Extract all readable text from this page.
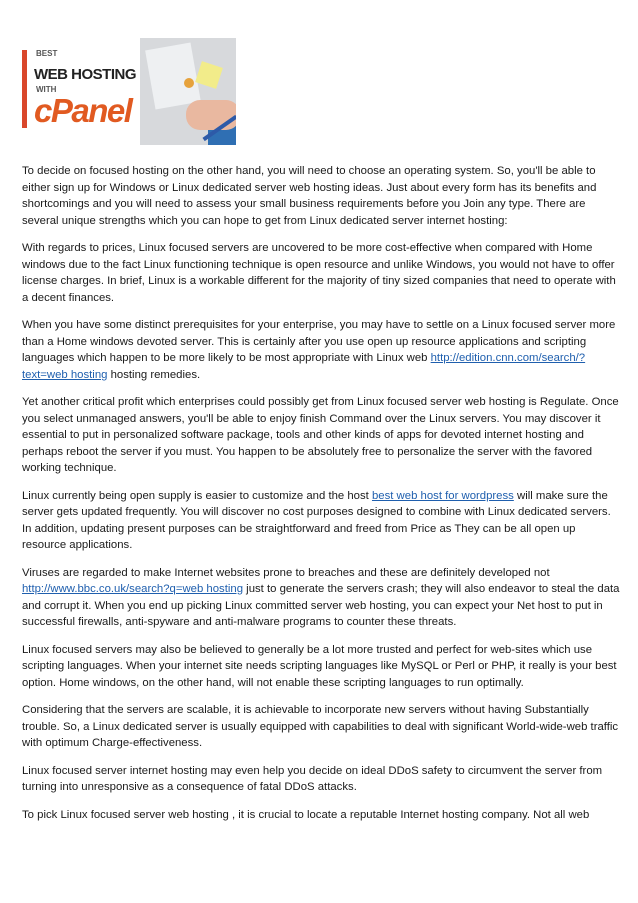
BEST
WEB HOSTING
WITH
cPanel

To decide on focused hosting on the other hand, you will need to choose an operating system. So, you'll be able to either sign up for Windows or Linux dedicated server web hosting ideas. Just about every form has its benefits and shortcomings and you will need to assess your small business requirements before you Join any type. There are several unique strengths which you can hope to get from Linux dedicated server internet hosting:

With regards to prices, Linux focused servers are uncovered to be more cost-effective when compared with Home windows due to the fact Linux functioning technique is open resource and unlike Windows, you would not have to offer license charges. In brief, Linux is a workable different for the majority of tiny sized companies that need to operate with a decent finances.

When you have some distinct prerequisites for your enterprise, you may have to settle on a Linux focused server more than a Home windows devoted server. This is certainly after you use open up resource applications and scripting languages which happen to be more likely to be most appropriate with Linux web http://edition.cnn.com/search/?text=web hosting hosting remedies.

Yet another critical profit which enterprises could possibly get from Linux focused server web hosting is Regulate. Once you select unmanaged answers, you'll be able to enjoy finish Command over the Linux servers. You may discover it essential to put in personalized software package, tools and other kinds of apps for devoted internet hosting and perhaps reboot the server if you must. You happen to be absolutely free to personalize the server with the favored working technique.

Linux currently being open supply is easier to customize and the host best web host for wordpress will make sure the server gets updated frequently. You will discover no cost purposes designed to combine with Linux dedicated servers. In addition, updating present purposes can be straightforward and freed from Price as They can be all open up resource applications.

Viruses are regarded to make Internet websites prone to breaches and these are definitely developed not http://www.bbc.co.uk/search?q=web hosting just to generate the servers crash; they will also endeavor to steal the data and corrupt it. When you end up picking Linux committed server web hosting, you can expect your Net host to put in successful firewalls, anti-spyware and anti-malware programs to counter these threats.

Linux focused servers may also be believed to generally be a lot more trusted and perfect for web-sites which use scripting languages. When your internet site needs scripting languages like MySQL or Perl or PHP, it really is your best option. Home windows, on the other hand, will not enable these scripting languages to run optimally.

Considering that the servers are scalable, it is achievable to incorporate new servers without having Substantially trouble. So, a Linux dedicated server is usually equipped with capabilities to deal with significant World-wide-web traffic with optimum Charge-effectiveness.

Linux focused server internet hosting may even help you decide on ideal DDoS safety to circumvent the server from turning into unresponsive as a consequence of fatal DDoS attacks.

To pick Linux focused server web hosting , it is crucial to locate a reputable Internet hosting company. Not all web
